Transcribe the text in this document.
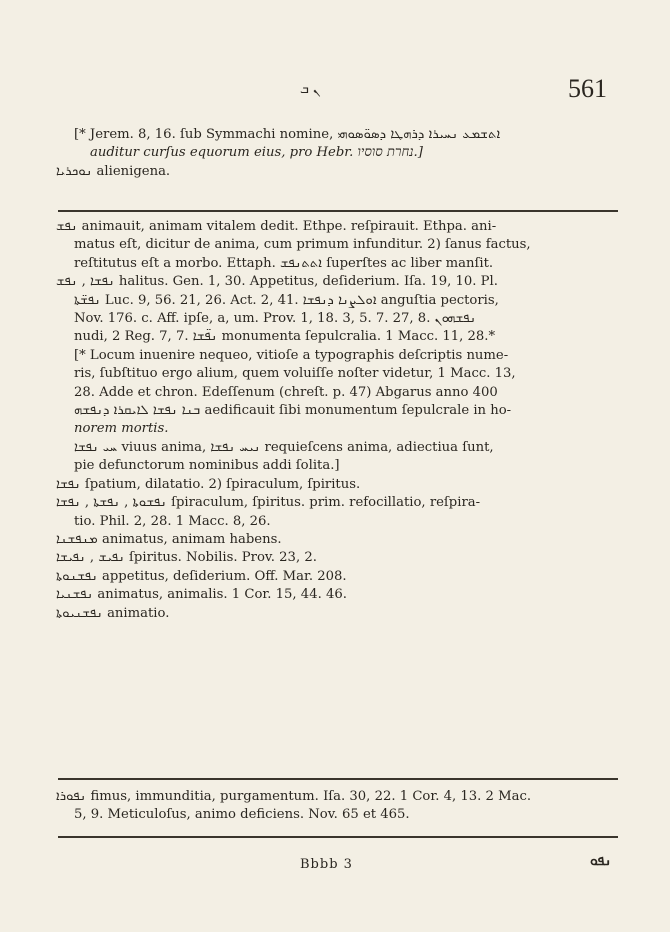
ܢ ܒ	561
[* Jerem. 8, 16. ſub Symmachi nomine, ܐܬܫܡܥ ܢܚܝܪܐ ܕܪܗܛܐ ܕܣܘ̈ܣܘܗܝ
auditur curſus equorum eius, pro Hebr. נחרת סוסיו.]
ܢܘܟܪܝܐ alienigena.
ܢܦܫ animauit, animam vitalem dedit. Ethpe. reſpirauit. Ethpa. ani-
matus eſt, dicitur de anima, cum primum infunditur. 2) ſanus factus,
reſtitutus eſt a morbo. Ettaph. ܐܬܬܢܦܫ ſuperſtes ac liber manſit.
ܢܦܫܐ , ܢܦܫ halitus. Gen. 1, 30. Appetitus, deſiderium. Iſa. 19, 10. Pl.
ܢܦܫ̈ܬܐ Luc. 9, 56. 21, 26. Act. 2, 41. ܐܘܠܨܢܐ ܕܢܦܫܐ anguſtia pectoris,
Nov. 176. c. Aff. ipſe, a, um. Prov. 1, 18. 3, 5. 7. 27, 8. ܢܦܫܗܘܢ
nudi, 2 Reg. 7, 7. ܢܦ̈ܫܐ monumenta ſepulcralia. 1 Macc. 11, 28.*
[* Locum inuenire nequeo, vitioſe a typographis deſcriptis nume-
ris, ſubſtituo ergo alium, quem voluiſſe noſter videtur, 1 Macc. 13,
28. Adde et chron. Edeſſenum (chreſt. p. 47) Abgarus anno 400
ܒܢܐ ܢܦܫܐ ܠܐܝܩܪܐ ܕܢܦܫܗ aedificauit ſibi monumentum ſepulcrale in ho-
norem mortis.
ܚܝ ܢܦܫܐ viuus anima, ܢܝܚ ܢܦܫܐ requieſcens anima, adiectiua ſunt,
pie defunctorum nominibus addi ſolita.]
ܢܦܫܐ ſpatium, dilatatio. 2) ſpiraculum, ſpiritus.
ܢܦܫܘܬܐ , ܢܦܫܬܐ , ܢܦܫܐ ſpiraculum, ſpiritus. prim. refocillatio, reſpira-
tio. Phil. 2, 28. 1 Macc. 8, 26.
ܡܢܦܫܢܐ animatus, animam habens.
ܢܦܝܫ , ܢܦܝܫܐ ſpiritus. Nobilis. Prov. 23, 2.
ܢܦܫܢܘܬܐ appetitus, deſiderium. Off. Mar. 208.
ܢܦܫܢܝܐ animatus, animalis. 1 Cor. 15, 44. 46.
ܢܦܫܢܝܘܬܐ animatio.
ܢܦܘܪܐ fimus, immunditia, purgamentum. Iſa. 30, 22. 1 Cor. 4, 13. 2 Mac.
5, 9. Meticuloſus, animo deficiens. Nov. 65 et 465.
Bbbb 3	ܢܦܘ
